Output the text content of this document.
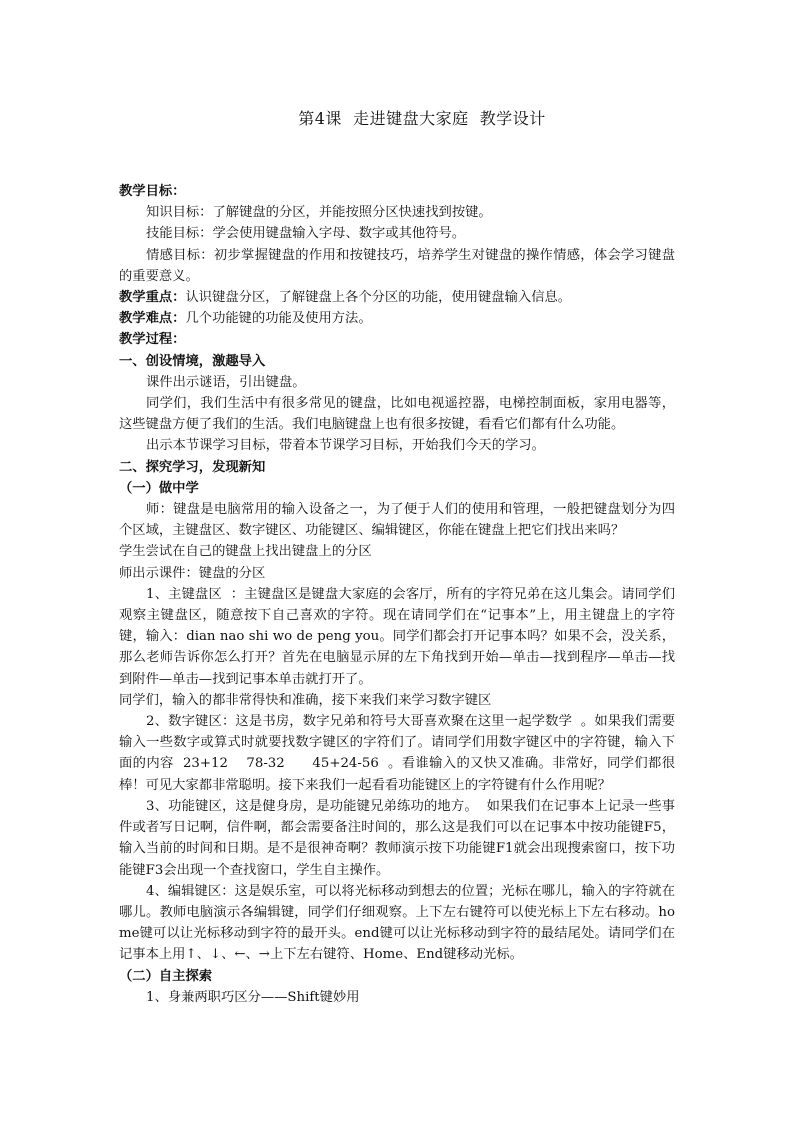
第4课  走进键盘大家庭  教学设计

教学目标：

知识目标：了解键盘的分区，并能按照分区快速找到按键。

技能目标：学会使用键盘输入字母、数字或其他符号。

情感目标：初步掌握键盘的作用和按键技巧，培养学生对键盘的操作情感，体会学习键盘的重要意义。

教学重点：认识键盘分区，了解键盘上各个分区的功能，使用键盘输入信息。

教学难点：几个功能键的功能及使用方法。

教学过程：

一、创设情境，激趣导入

课件出示谜语，引出键盘。

同学们，我们生活中有很多常见的键盘，比如电视遥控器，电梯控制面板，家用电器等，这些键盘方便了我们的生活。我们电脑键盘上也有很多按键，看看它们都有什么功能。

出示本节课学习目标，带着本节课学习目标，开始我们今天的学习。

二、探究学习，发现新知

（一）做中学

师：键盘是电脑常用的输入设备之一，为了便于人们的使用和管理，一般把键盘划分为四个区域，主键盘区、数字键区、功能键区、编辑键区，你能在键盘上把它们找出来吗？

学生尝试在自己的键盘上找出键盘上的分区

师出示课件：键盘的分区

1、主键盘区  ：主键盘区是键盘大家庭的会客厅，所有的字符兄弟在这儿集会。请同学们观察主键盘区，随意按下自己喜欢的字符。现在请同学们在“记事本”上，用主键盘上的字符键，输入：dian nao shi wo de peng you。同学们都会打开记事本吗？如果不会，没关系，那么老师告诉你怎么打开？首先在电脑显示屏的左下角找到开始—单击—找到程序—单击—找到附件—单击—找到记事本单击就打开了。

同学们，输入的都非常得快和准确，接下来我们来学习数字键区

2、数字键区：这是书房，数字兄弟和符号大哥喜欢聚在这里一起学数学  。如果我们需要输入一些数字或算式时就要找数字键区的字符们了。请同学们用数字键区中的字符键，输入下面的内容  23+12    78-32      45+24-56  。看谁输入的又快又准确。非常好，同学们都很棒！可见大家都非常聪明。接下来我们一起看看功能键区上的字符键有什么作用呢？

3、功能键区，这是健身房，是功能键兄弟练功的地方。  如果我们在记事本上记录一些事件或者写日记啊，信件啊，都会需要备注时间的，那么这是我们可以在记事本中按功能键F5，输入当前的时间和日期。是不是很神奇啊？教师演示按下功能键F1就会出现搜索窗口，按下功能键F3会出现一个查找窗口，学生自主操作。

4、编辑键区：这是娱乐室，可以将光标移动到想去的位置；光标在哪儿，输入的字符就在哪儿。教师电脑演示各编辑键，同学们仔细观察。上下左右键符可以使光标上下左右移动。home键可以让光标移动到字符的最开头。end键可以让光标移动到字符的最结尾处。请同学们在记事本上用↑、↓、←、→上下左右键符、Home、End键移动光标。

（二）自主探索

1、身兼两职巧区分——Shift键妙用
